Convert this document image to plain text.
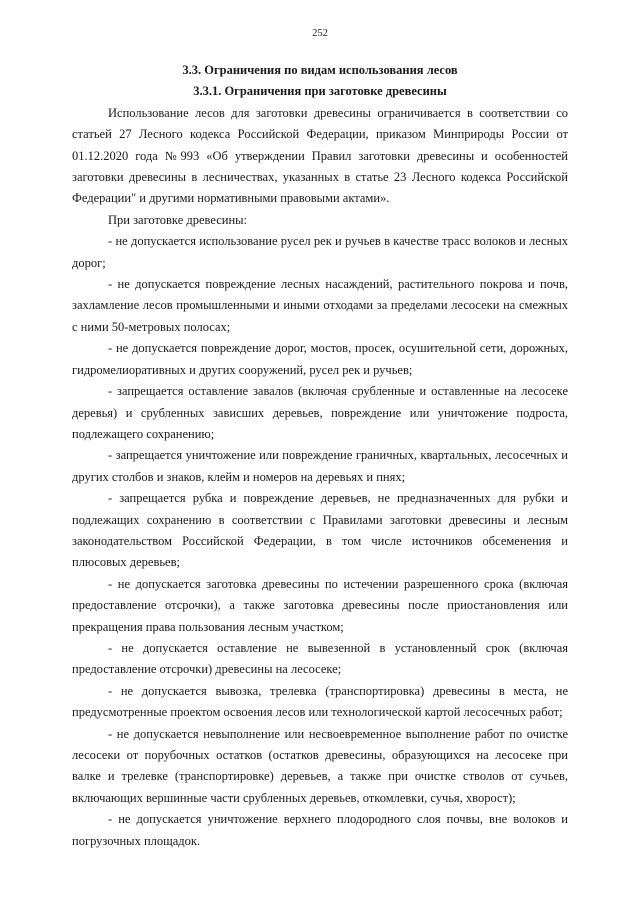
252
3.3. Ограничения по видам использования лесов
3.3.1. Ограничения при заготовке древесины

Использование лесов для заготовки древесины ограничивается в соответствии со статьей 27 Лесного кодекса Российской Федерации, приказом Минприроды России от 01.12.2020 года №993 «Об утверждении Правил заготовки древесины и особенностей заготовки древесины в лесничествах, указанных в статье 23 Лесного кодекса Российской Федерации" и другими нормативными правовыми актами».

При заготовке древесины:

- не допускается использование русел рек и ручьев в качестве трасс волоков и лесных дорог;

- не допускается повреждение лесных насаждений, растительного покрова и почв, захламление лесов промышленными и иными отходами за пределами лесосеки на смежных с ними 50-метровых полосах;

- не допускается повреждение дорог, мостов, просек, осушительной сети, дорожных, гидромелиоративных и других сооружений, русел рек и ручьев;

- запрещается оставление завалов (включая срубленные и оставленные на лесосеке деревья) и срубленных зависших деревьев, повреждение или уничтожение подроста, подлежащего сохранению;

- запрещается уничтожение или повреждение граничных, квартальных, лесосечных и других столбов и знаков, клейм и номеров на деревьях и пнях;

- запрещается рубка и повреждение деревьев, не предназначенных для рубки и подлежащих сохранению в соответствии с Правилами заготовки древесины и лесным законодательством Российской Федерации, в том числе источников обсеменения и плюсовых деревьев;

- не допускается заготовка древесины по истечении разрешенного срока (включая предоставление отсрочки), а также заготовка древесины после приостановления или прекращения права пользования лесным участком;

- не допускается оставление не вывезенной в установленный срок (включая предоставление отсрочки) древесины на лесосеке;

- не допускается вывозка, трелевка (транспортировка) древесины в места, не предусмотренные проектом освоения лесов или технологической картой лесосечных работ;

- не допускается невыполнение или несвоевременное выполнение работ по очистке лесосеки от порубочных остатков (остатков древесины, образующихся на лесосеке при валке и трелевке (транспортировке) деревьев, а также при очистке стволов от сучьев, включающих вершинные части срубленных деревьев, откомлевки, сучья, хворост);

- не допускается уничтожение верхнего плодородного слоя почвы, вне волоков и погрузочных площадок.
